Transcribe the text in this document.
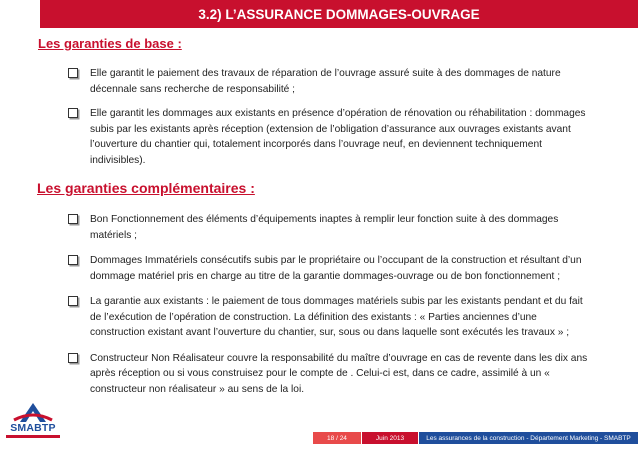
3.2) L’ASSURANCE DOMMAGES-OUVRAGE
Les garanties de base :
Elle garantit le paiement des travaux de réparation de l’ouvrage assuré suite à des dommages de nature décennale sans recherche de responsabilité ;
Elle garantit les dommages aux existants en présence d’opération de rénovation ou réhabilitation : dommages subis par les existants après réception (extension de l’obligation d’assurance aux ouvrages existants avant l’ouverture du chantier qui, totalement incorporés dans l’ouvrage neuf, en deviennent techniquement indivisibles).
Les garanties complémentaires :
Bon Fonctionnement des éléments d’équipements inaptes à remplir leur fonction suite à des dommages matériels ;
Dommages Immatériels consécutifs subis par le propriétaire ou l’occupant de la construction et résultant d’un dommage matériel pris en charge au titre de la garantie dommages-ouvrage ou de bon fonctionnement ;
La garantie aux existants : le paiement de tous dommages matériels subis par les existants pendant et du fait de l’exécution de l’opération de construction. La définition des existants : « Parties anciennes d’une construction existant avant l’ouverture du chantier, sur, sous ou dans laquelle sont exécutés les travaux » ;
Constructeur Non Réalisateur couvre la responsabilité du maître d’ouvrage en cas de revente dans les dix ans après réception ou si vous construisez pour le compte de . Celui-ci est, dans ce cadre, assimilé à un « constructeur non réalisateur » au sens de la loi.
SMABTP
18 / 24	Juin 2013	Les assurances de la construction - Département Marketing - SMABTP
